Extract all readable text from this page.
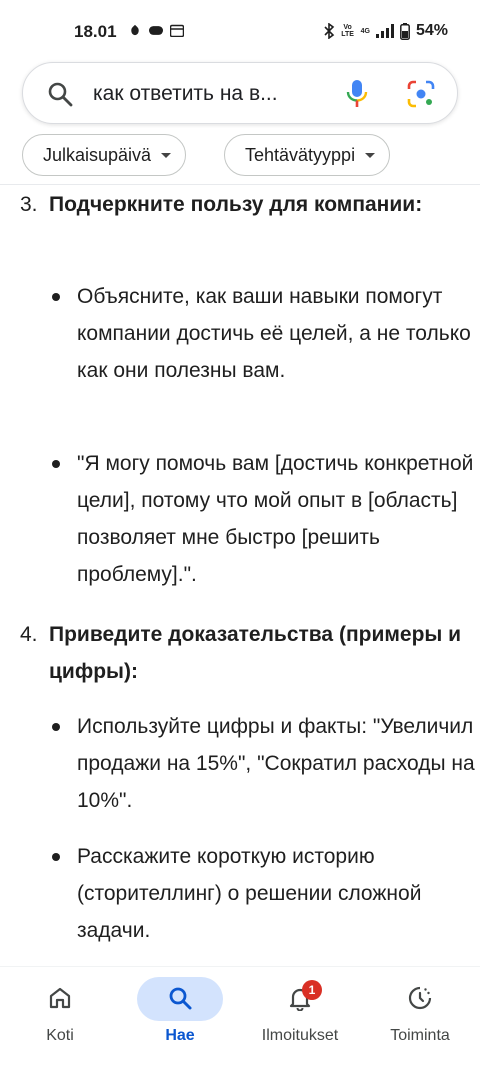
18.01	Vo LTE 4G	54%
как ответить на в...
Julkaisupäivä	Tehtävätyyppi
3. Подчеркните пользу для компании:
Объясните, как ваши навыки помогут компании достичь её целей, а не только как они полезны вам.
"Я могу помочь вам [достичь конкретной цели], потому что мой опыт в [область] позволяет мне быстро [решить проблему].".
4. Приведите доказательства (примеры и цифры):
Используйте цифры и факты: "Увеличил продажи на 15%", "Сократил расходы на 10%".
Расскажите короткую историю (сторителлинг) о решении сложной задачи.
Koti	Hae
1
Ilmoitukset	Toiminta
